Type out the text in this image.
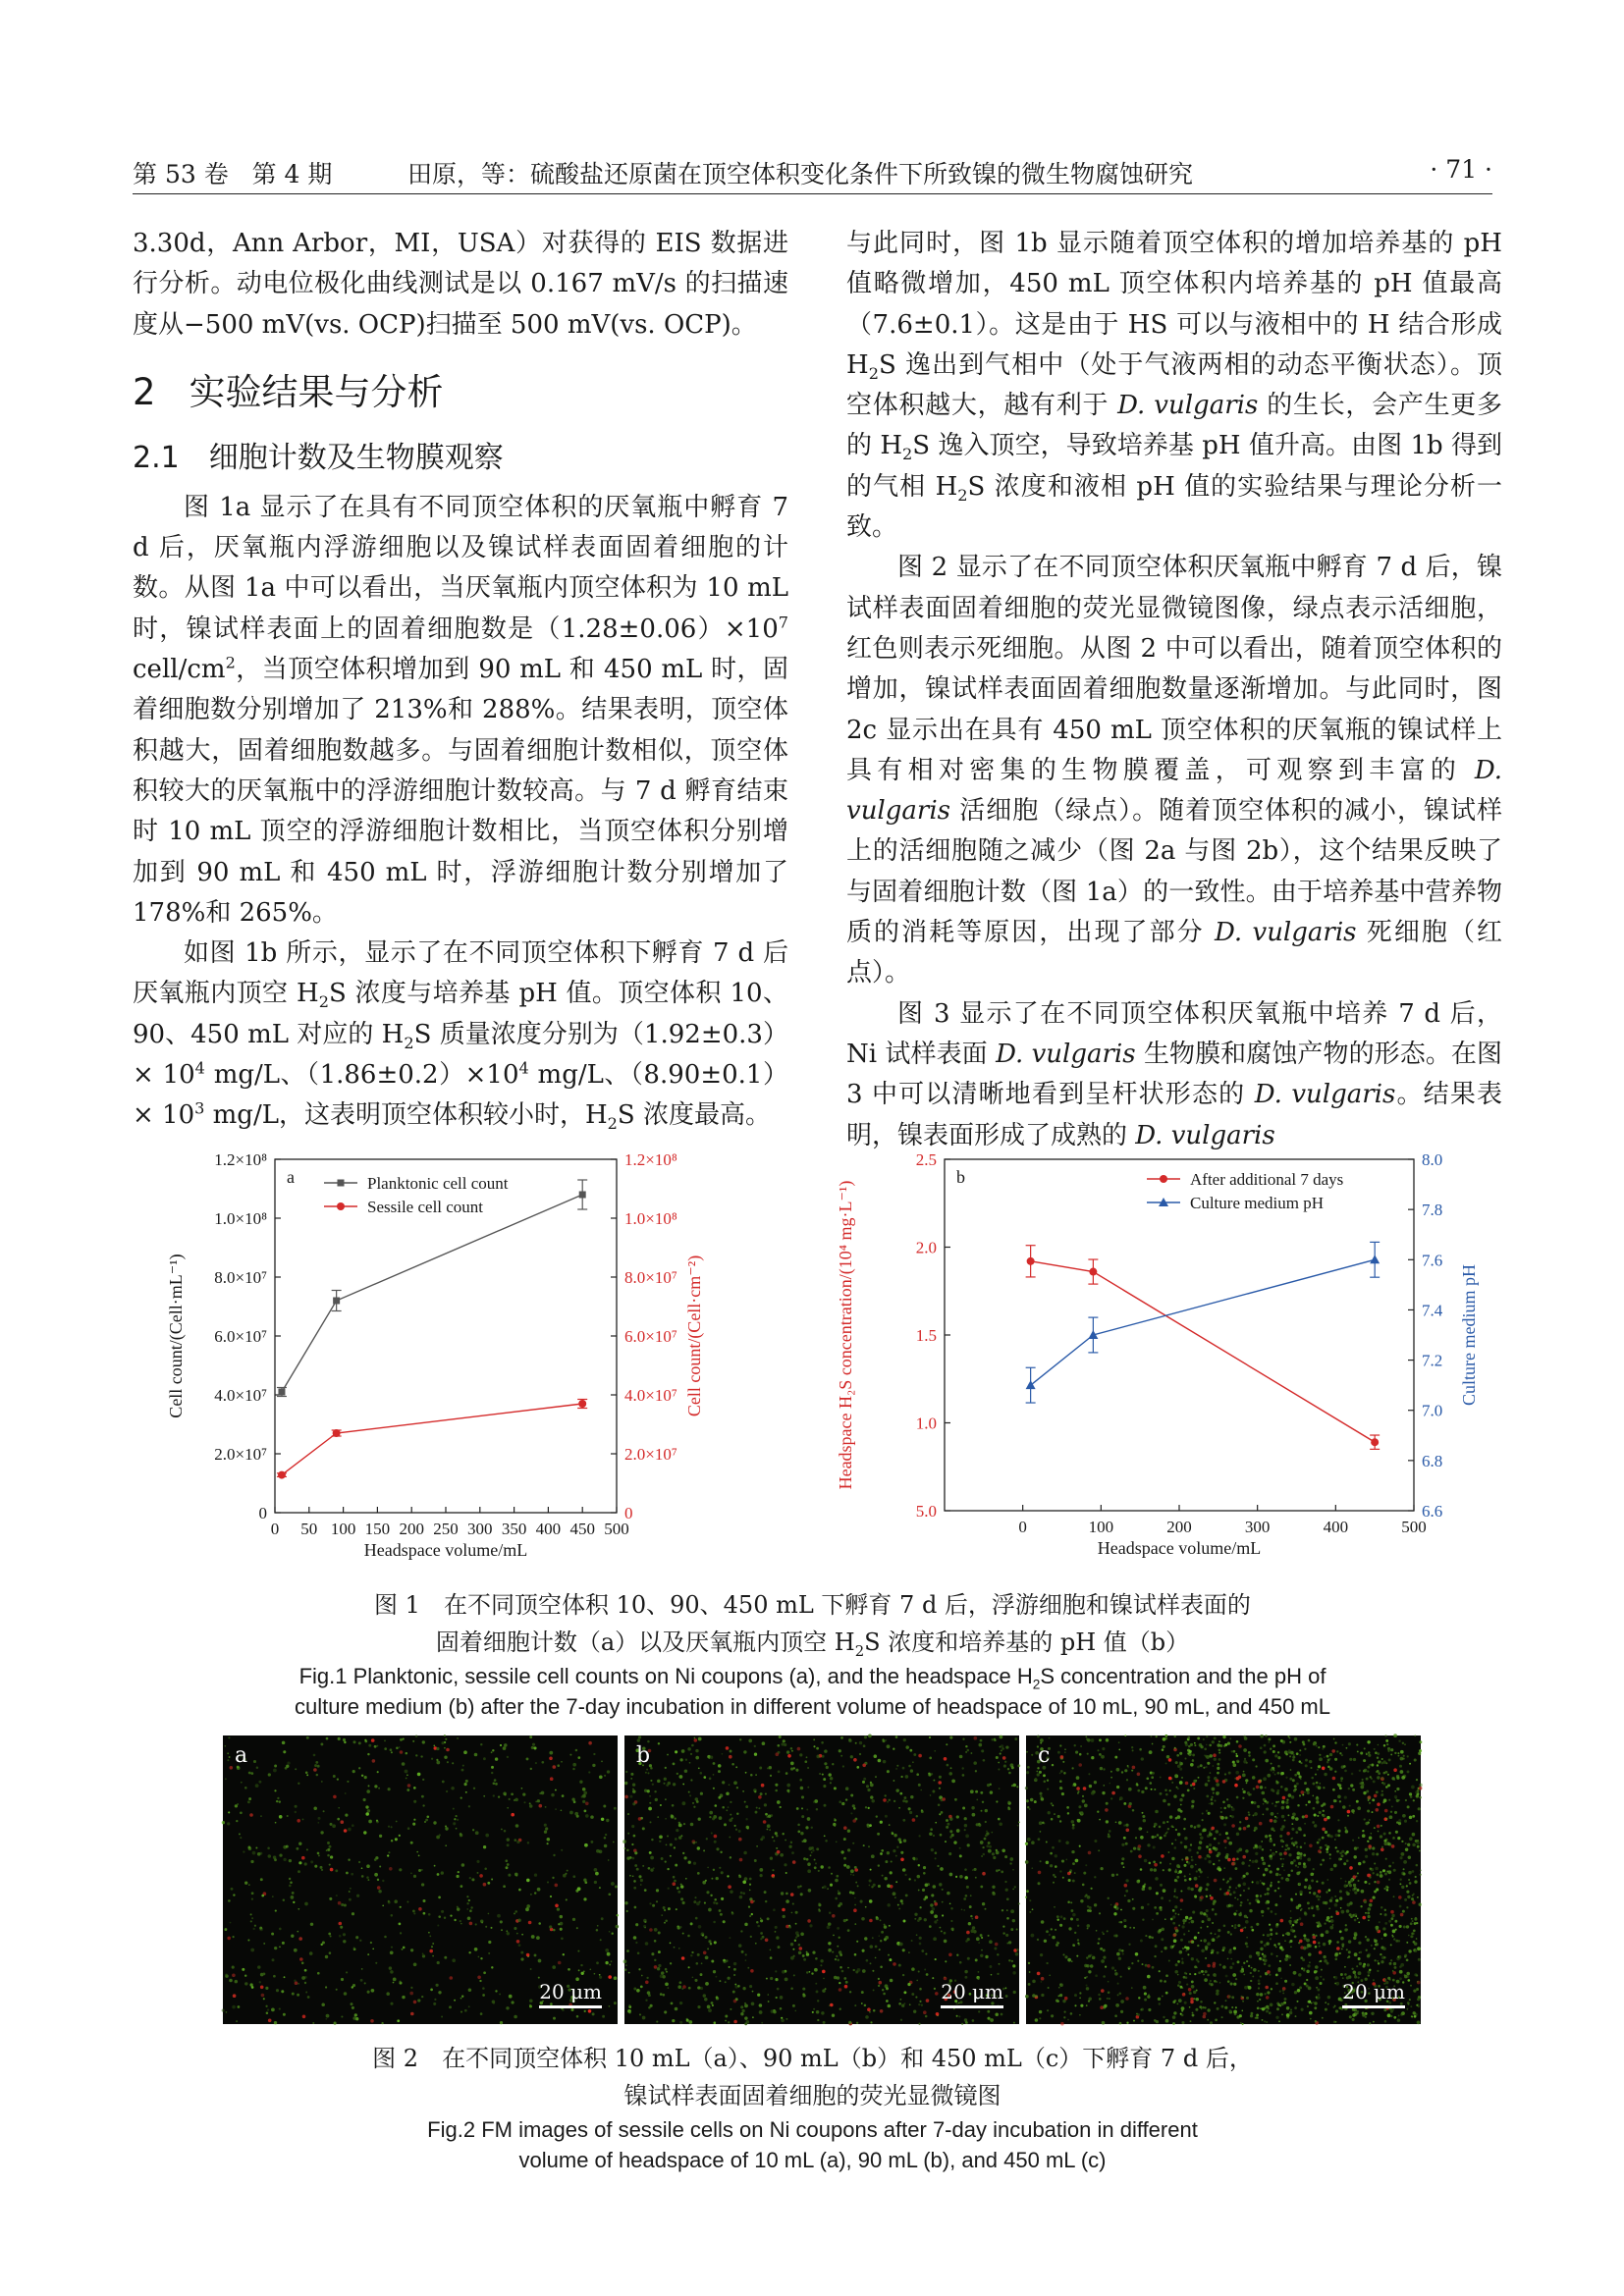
第 53 卷 第 4 期	田原，等：硫酸盐还原菌在顶空体积变化条件下所致镍的微生物腐蚀研究	· 71 ·

3.30d，Ann Arbor，MI，USA）对获得的 EIS 数据进行分析。动电位极化曲线测试是以 0.167 mV/s 的扫描速度从−500 mV(vs. OCP)扫描至 500 mV(vs. OCP)。

2 实验结果与分析
2.1 细胞计数及生物膜观察

图 1a 显示了在具有不同顶空体积的厌氧瓶中孵育 7 d 后，厌氧瓶内浮游细胞以及镍试样表面固着细胞的计数。从图 1a 中可以看出，当厌氧瓶内顶空体积为 10 mL 时，镍试样表面上的固着细胞数是$(1.28\pm 0.06)\times 10^7$ cell/$cm^2$，当顶空体积增加到 90 mL 和 450 mL 时，固着细胞数分别增加了 213%和 288%。结果表明，顶空体积越大，固着细胞数越多。与固着细胞计数相似，顶空体积较大的厌氧瓶中的浮游细胞计数较高。与 7 d 孵育结束时 10 mL 顶空的浮游细胞计数相比，当顶空体积分别增加到 90 mL 和 450 mL 时，浮游细胞计数分别增加了 178%和 265%。

如图 1b 所示，显示了在不同顶空体积下孵育 7 d 后厌氧瓶内顶空 $H_2S$ 浓度与培养基 pH 值。顶空体积 10、90、450 mL 对应的 $H_2S$ 质量浓度分别为$(1.92\pm 0.3)\times 10^4$ mg/L、$(1.86\pm 0.2)\times 10^4$ mg/L、$(8.90\pm 0.1)\times 10^3$ mg/L，这表明顶空体积较小时，$H_2S$ 浓度最高。

与此同时，图 1b 显示随着顶空体积的增加培养基的 pH 值略微增加，450 mL 顶空体积内培养基的 pH 值最高（7.6±0.1）。这是由于 HS 可以与液相中的 H 结合形成 $H_2S$ 逸出到气相中（处于气液两相的动态平衡状态）。顶空体积越大，越有利于 D. vulgaris 的生长，会产生更多的 $H_2S$ 逸入顶空，导致培养基 pH 值升高。由图 1b 得到的气相 $H_2S$ 浓度和液相 pH 值的实验结果与理论分析一致。

图 2 显示了在不同顶空体积厌氧瓶中孵育 7 d 后，镍试样表面固着细胞的荧光显微镜图像，绿点表示活细胞，红色则表示死细胞。从图 2 中可以看出，随着顶空体积的增加，镍试样表面固着细胞数量逐渐增加。与此同时，图 2c 显示出在具有 450 mL 顶空体积的厌氧瓶的镍试样上具有相对密集的生物膜覆盖，可观察到丰富的 D. vulgaris 活细胞（绿点）。随着顶空体积的减小，镍试样上的活细胞随之减少（图 2a 与图 2b），这个结果反映了与固着细胞计数（图 1a）的一致性。由于培养基中营养物质的消耗等原因，出现了部分 D. vulgaris 死细胞（红点）。

图 3 显示了在不同顶空体积厌氧瓶中培养 7 d 后，Ni 试样表面 D. vulgaris 生物膜和腐蚀产物的形态。在图 3 中可以清晰地看到呈杆状形态的 D. vulgaris。结果表明，镍表面形成了成熟的 D. vulgaris

0 50 100 150 200 250 300 350 400 450 500
Headspace volume/mL
0
2.0×10⁷
4.0×10⁷
6.0×10⁷
8.0×10⁷
1.0×10⁸
1.2×10⁸
0
2.0×10⁷
4.0×10⁷
6.0×10⁷
8.0×10⁷
1.0×10⁸
1.2×10⁸
Cell count/(Cell·mL⁻¹)	Cell count/(Cell·cm⁻²)
a	Planktonic cell count
Sessile cell count
0	100	200	300	400	500
Headspace volume/mL
5.0
1.0
1.5
2.0
2.5
6.6
6.8
7.0
7.2
7.4
7.6
7.8
8.0
Headspace H₂S concentration/(10⁴ mg·L⁻¹)	Culture medium pH
b	After additional 7 days
Culture medium pH
图 1　在不同顶空体积 10、90、450 mL 下孵育 7 d 后，浮游细胞和镍试样表面的
固着细胞计数（a）以及厌氧瓶内顶空 $H_2S$ 浓度和培养基的 pH 值（b）
Fig.1 Planktonic, sessile cell counts on Ni coupons (a), and the headspace $H_2S$ concentration and the pH of
culture medium (b) after the 7-day incubation in different volume of headspace of 10 mL, 90 mL, and 450 mL
a
20 μm
b
20 μm
c
20 μm
图 2　在不同顶空体积 10 mL（a）、90 mL（b）和 450 mL（c）下孵育 7 d 后，
镍试样表面固着细胞的荧光显微镜图
Fig.2 FM images of sessile cells on Ni coupons after 7-day incubation in different
volume of headspace of 10 mL (a), 90 mL (b), and 450 mL (c)
